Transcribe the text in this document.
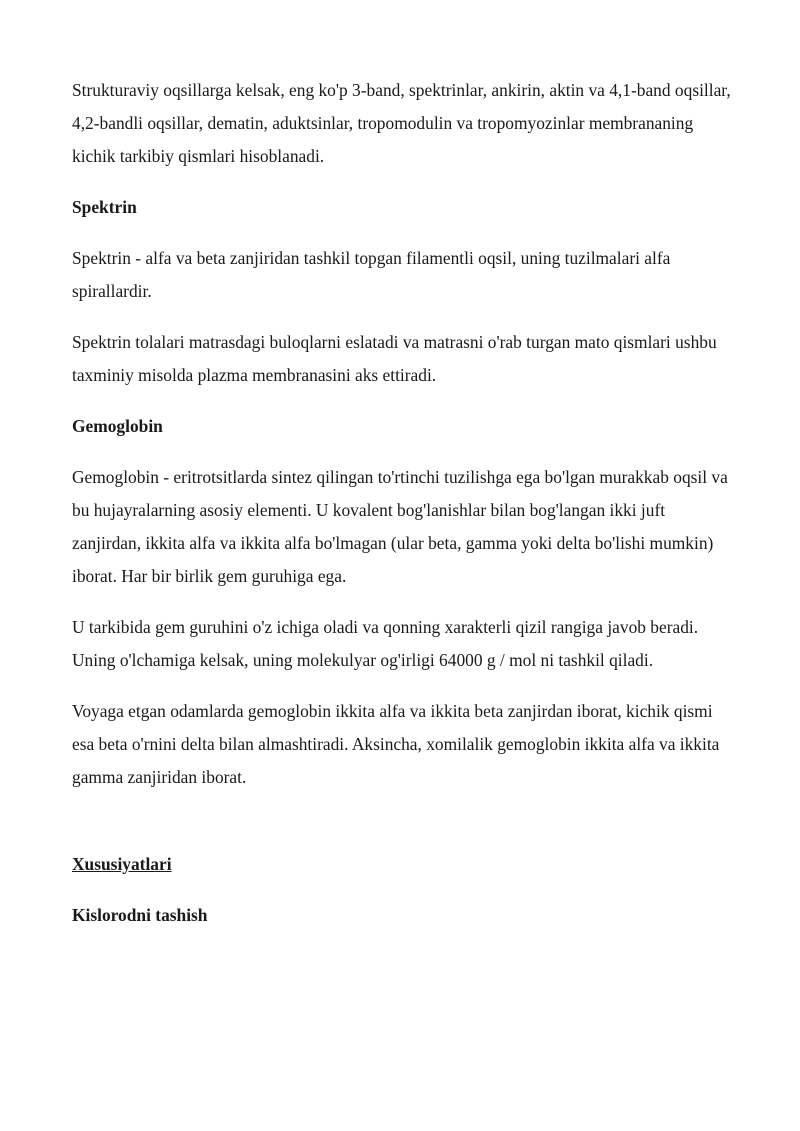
Strukturaviy oqsillarga kelsak, eng ko'p 3-band, spektrinlar, ankirin, aktin va 4,1-band oqsillar, 4,2-bandli oqsillar, dematin, aduktsinlar, tropomodulin va tropomyozinlar membrananing kichik tarkibiy qismlari hisoblanadi.

Spektrin

Spektrin - alfa va beta zanjiridan tashkil topgan filamentli oqsil, uning tuzilmalari alfa spirallardir.

Spektrin tolalari matrasdagi buloqlarni eslatadi va matrasni o'rab turgan mato qismlari ushbu taxminiy misolda plazma membranasini aks ettiradi.

Gemoglobin

Gemoglobin - eritrotsitlarda sintez qilingan to'rtinchi tuzilishga ega bo'lgan murakkab oqsil va bu hujayralarning asosiy elementi. U kovalent bog'lanishlar bilan bog'langan ikki juft zanjirdan, ikkita alfa va ikkita alfa bo'lmagan (ular beta, gamma yoki delta bo'lishi mumkin) iborat. Har bir birlik gem guruhiga ega.

U tarkibida gem guruhini o'z ichiga oladi va qonning xarakterli qizil rangiga javob beradi. Uning o'lchamiga kelsak, uning molekulyar og'irligi 64000 g / mol ni tashkil qiladi.

Voyaga etgan odamlarda gemoglobin ikkita alfa va ikkita beta zanjirdan iborat, kichik qismi esa beta o'rnini delta bilan almashtiradi. Aksincha, xomilalik gemoglobin ikkita alfa va ikkita gamma zanjiridan iborat.

Xususiyatlari

Kislorodni tashish
